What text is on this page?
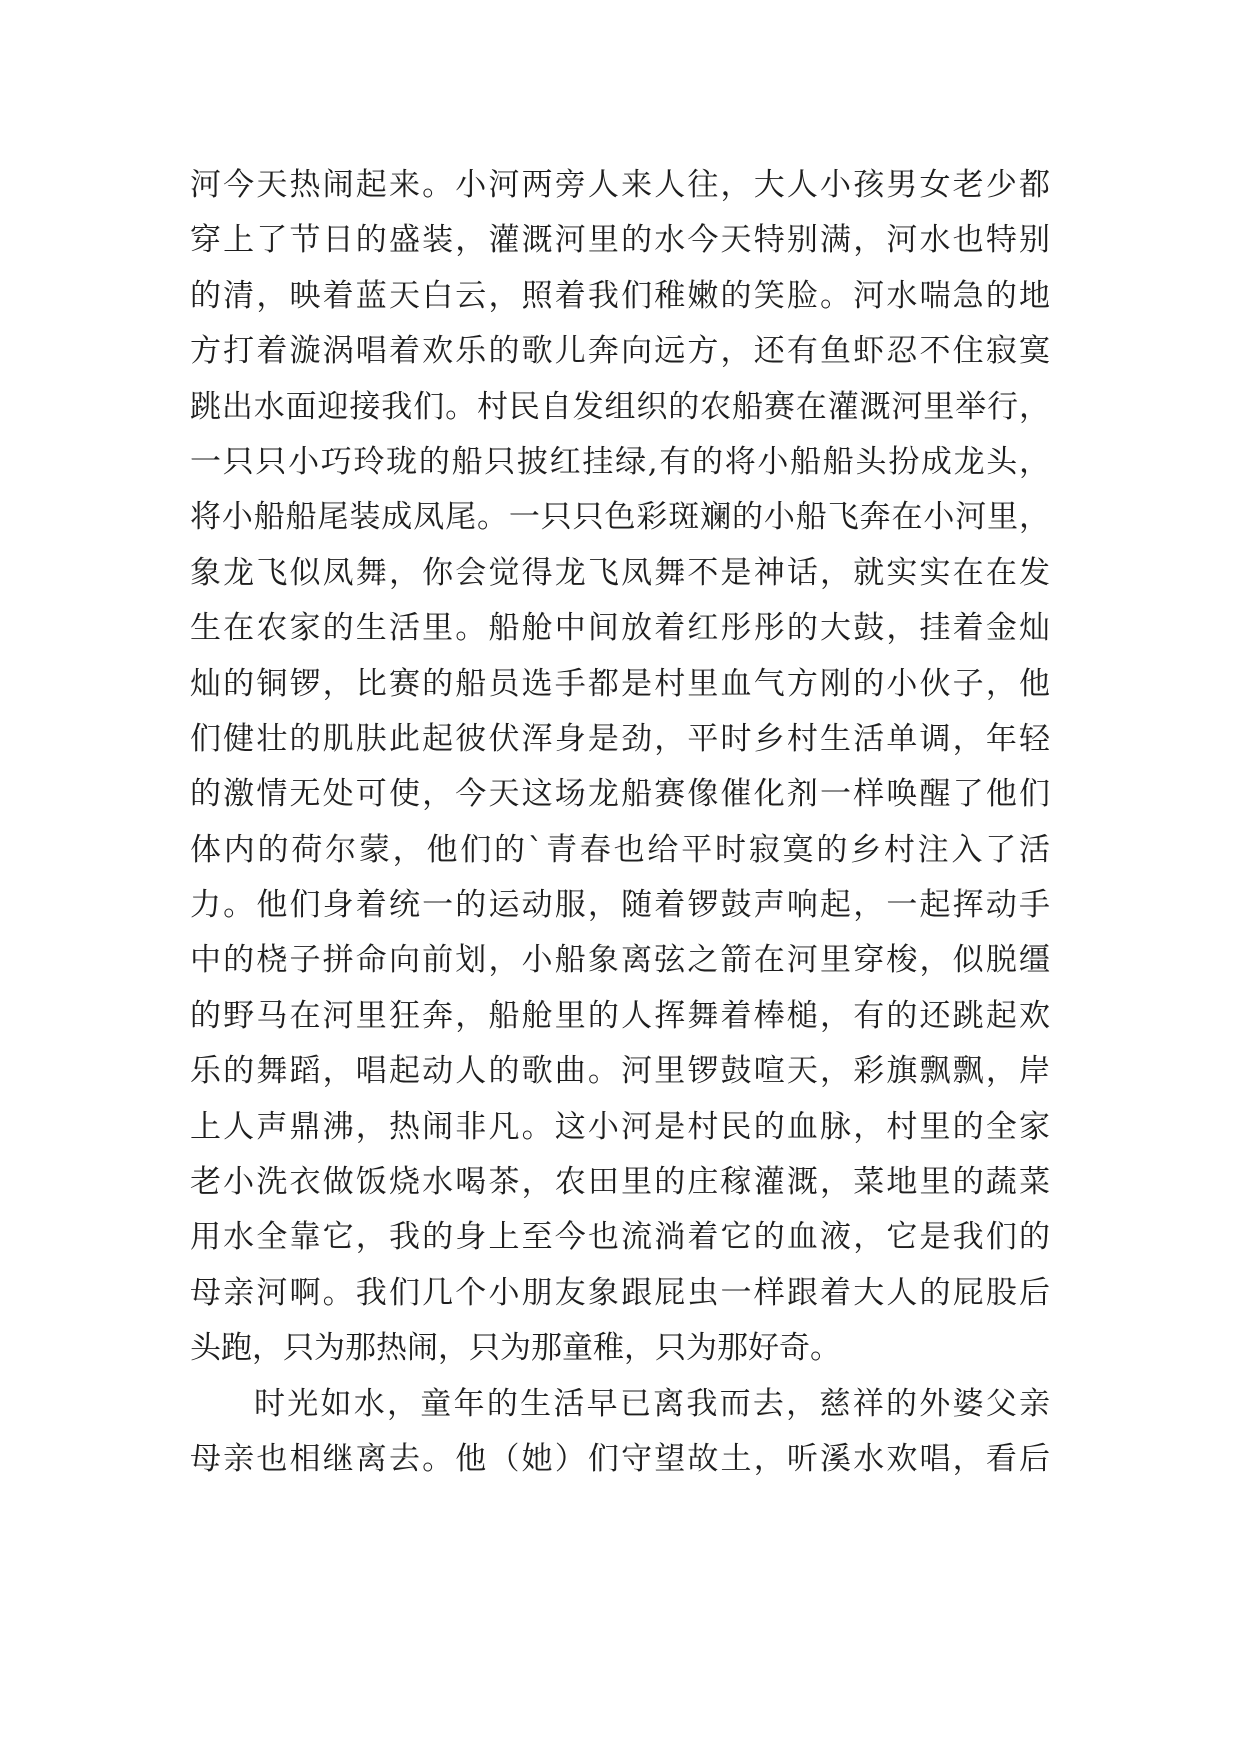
河今天热闹起来。小河两旁人来人往，大人小孩男女老少都
穿上了节日的盛装，灌溉河里的水今天特别满，河水也特别
的清，映着蓝天白云，照着我们稚嫩的笑脸。河水喘急的地
方打着漩涡唱着欢乐的歌儿奔向远方，还有鱼虾忍不住寂寞
跳出水面迎接我们。村民自发组织的农船赛在灌溉河里举行，
一只只小巧玲珑的船只披红挂绿,有的将小船船头扮成龙头，
将小船船尾装成凤尾。一只只色彩斑斓的小船飞奔在小河里，
象龙飞似凤舞，你会觉得龙飞凤舞不是神话，就实实在在发
生在农家的生活里。船舱中间放着红彤彤的大鼓，挂着金灿
灿的铜锣，比赛的船员选手都是村里血气方刚的小伙子，他
们健壮的肌肤此起彼伏浑身是劲，平时乡村生活单调，年轻
的激情无处可使，今天这场龙船赛像催化剂一样唤醒了他们
体内的荷尔蒙，他们的`青春也给平时寂寞的乡村注入了活
力。他们身着统一的运动服，随着锣鼓声响起，一起挥动手
中的桡子拼命向前划，小船象离弦之箭在河里穿梭，似脱缰
的野马在河里狂奔，船舱里的人挥舞着棒槌，有的还跳起欢
乐的舞蹈，唱起动人的歌曲。河里锣鼓喧天，彩旗飘飘，岸
上人声鼎沸，热闹非凡。这小河是村民的血脉，村里的全家
老小洗衣做饭烧水喝茶，农田里的庄稼灌溉，菜地里的蔬菜
用水全靠它，我的身上至今也流淌着它的血液，它是我们的
母亲河啊。我们几个小朋友象跟屁虫一样跟着大人的屁股后
头跑，只为那热闹，只为那童稚，只为那好奇。
时光如水，童年的生活早已离我而去，慈祥的外婆父亲
母亲也相继离去。他（她）们守望故土，听溪水欢唱，看后
